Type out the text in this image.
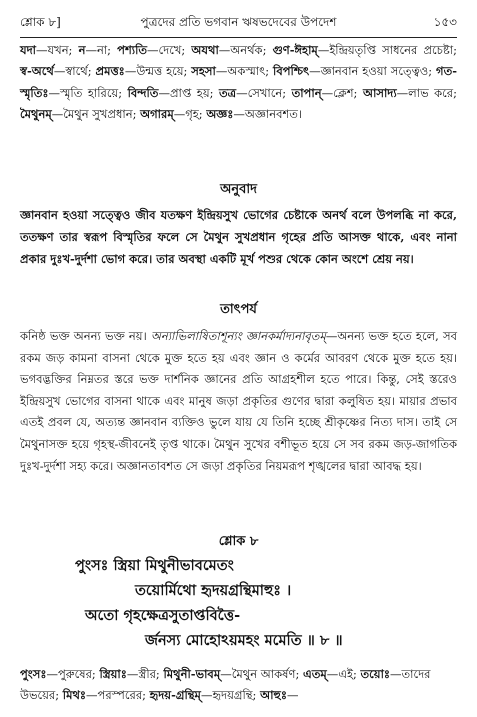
শ্লোক ৮]	পুত্রদের প্রতি ভগবান ঋষভদেবের উপদেশ	১৫৩
যদা—যখন; ন—না; পশ্যতি—দেখে; অযথা—অনর্থক; গুণ-ঈহাম্—ইন্দ্রিয়তৃপ্তি সাধনের প্রচেষ্টা; স্ব-অর্থে—স্বার্থে; প্রমত্তঃ—উন্মত্ত হয়ে; সহসা—অকস্মাৎ; বিপশ্চিৎ—জ্ঞানবান হওয়া সত্ত্বেও; গত-স্মৃতিঃ—স্মৃতি হারিয়ে; বিন্দতি—প্রাপ্ত হয়; তত্র—সেখানে; তাপান্—ক্লেশ; আসাদ্য—লাভ করে; মৈথুনম্—মৈথুন সুখপ্রধান; অগারম্—গৃহ; অজ্ঞঃ—অজ্ঞানবশত।
অনুবাদ
জ্ঞানবান হওয়া সত্ত্বেও জীব যতক্ষণ ইন্দ্রিয়সুখ ভোগের চেষ্টাকে অনর্থ বলে উপলব্ধি না করে, ততক্ষণ তার স্বরূপ বিস্মৃতির ফলে সে মৈথুন সুখপ্রধান গৃহের প্রতি আসক্ত থাকে, এবং নানা প্রকার দুঃখ-দুর্দশা ভোগ করে। তার অবস্থা একটি মূর্খ পশুর থেকে কোন অংশে শ্রেয় নয়।
তাৎপর্য
কনিষ্ঠ ভক্ত অনন্য ভক্ত নয়। অন্যাভিলাষিতাশূন্যং জ্ঞানকর্মাদ্যনাবৃতম্—অনন্য ভক্ত হতে হলে, সব রকম জড় কামনা বাসনা থেকে মুক্ত হতে হয় এবং জ্ঞান ও কর্মের আবরণ থেকে মুক্ত হতে হয়। ভগবদ্ভক্তির নিম্নতর স্তরে ভক্ত দার্শনিক জ্ঞানের প্রতি আগ্রহশীল হতে পারে। কিন্তু, সেই স্তরেও ইন্দ্রিয়সুখ ভোগের বাসনা থাকে এবং মানুষ জড়া প্রকৃতির গুণের দ্বারা কলুষিত হয়। মায়ার প্রভাব এতই প্রবল যে, অত্যন্ত জ্ঞানবান ব্যক্তিও ভুলে যায় যে তিনি হচ্ছে শ্রীকৃষ্ণের নিত্য দাস। তাই সে মৈথুনাসক্ত হয়ে গৃহস্থ-জীবনেই তৃপ্ত থাকে। মৈথুন সুখের বশীভূত হয়ে সে সব রকম জড়-জাগতিক দুঃখ-দুর্দশা সহ্য করে। অজ্ঞানতাবশত সে জড়া প্রকৃতির নিয়মরূপ শৃঙ্খলের দ্বারা আবদ্ধ হয়।
শ্লোক ৮
পুংসঃ স্ত্রিয়া মিথুনীভাবমেতং
তয়োর্মিথো হৃদয়গ্রন্থিমাহুঃ ।
অতো গৃহক্ষেত্রসুতাপ্তবিত্তৈ-
র্জনস্য মোহোঽয়মহং মমেতি ॥ ৮ ॥
পুংসঃ—পুরুষের; স্ত্রিয়াঃ—স্ত্রীর; মিথুনী-ভাবম্—মৈথুন আকর্ষণ; এতম্—এই; তয়োঃ—তাদের উভয়ের; মিথঃ—পরস্পরের; হৃদয়-গ্রন্থিম্—হৃদয়গ্রন্থি; আহুঃ—
